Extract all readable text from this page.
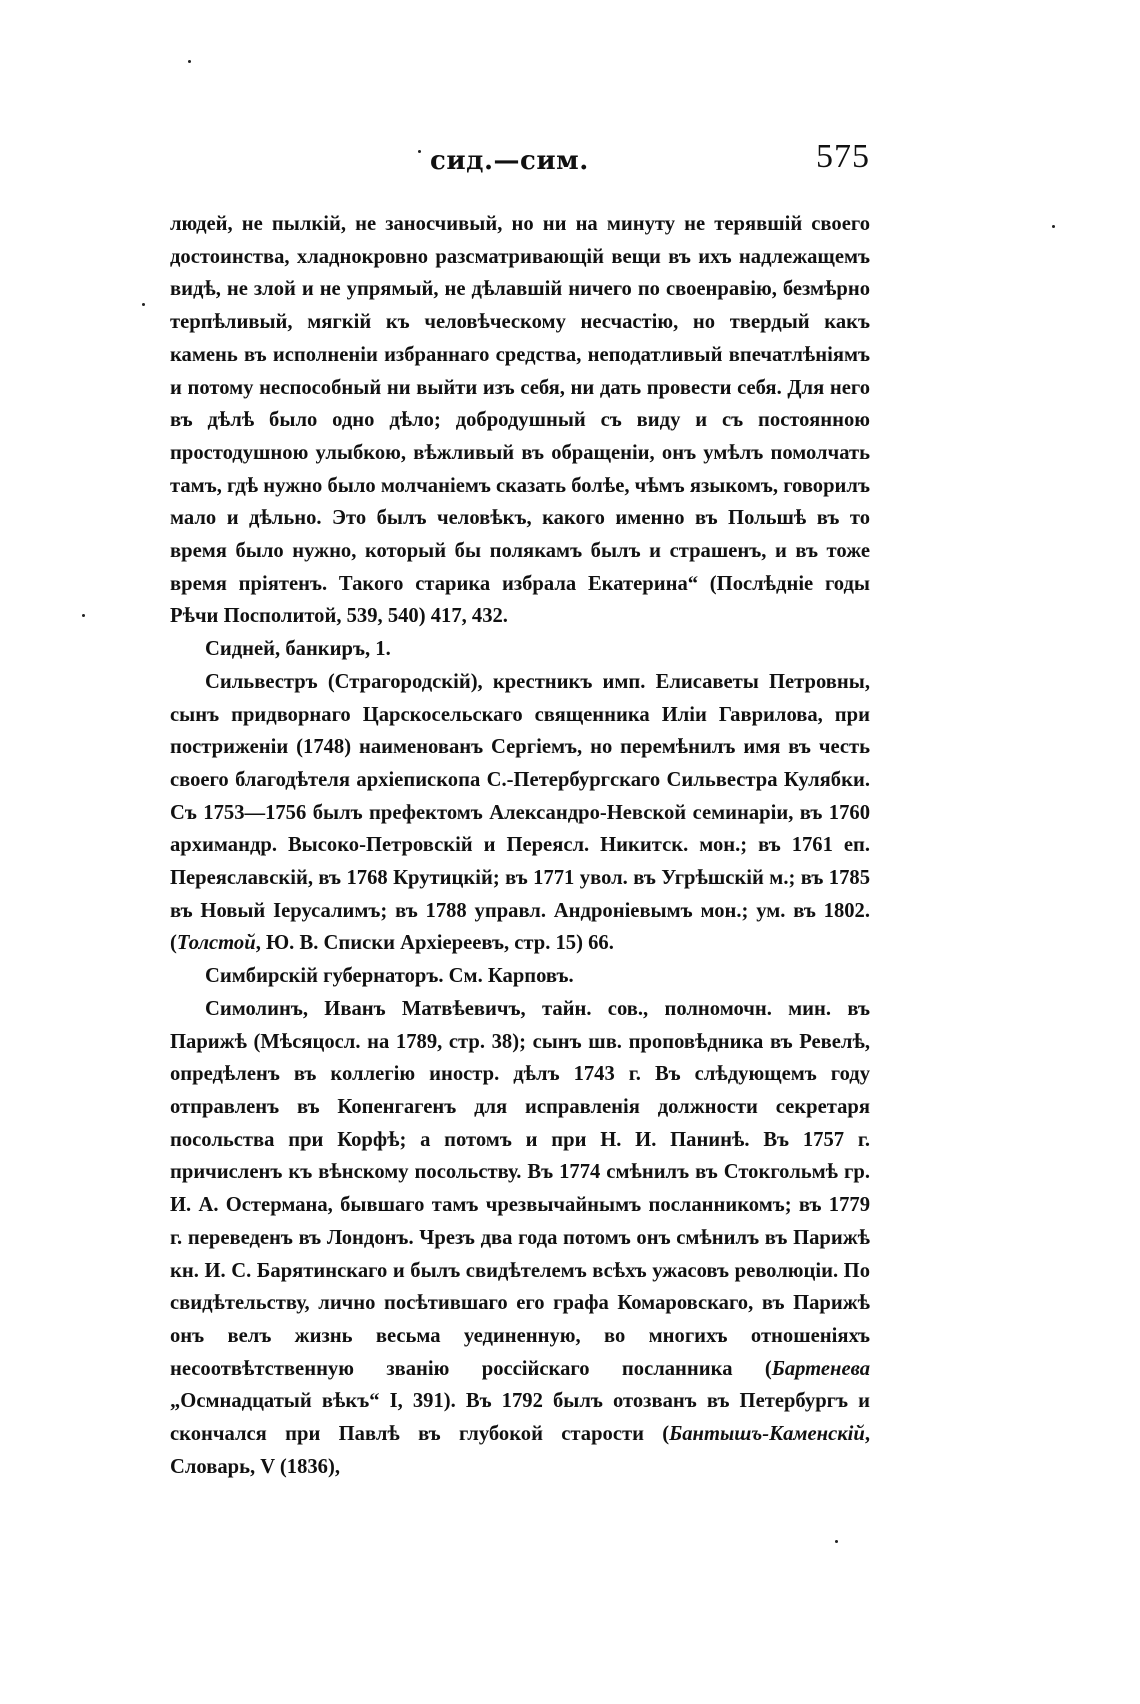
сид.—сим.	575

людей, не пылкій, не заносчивый, но ни на минуту не терявшій своего достоинства, хладнокровно разсматривающій вещи въ ихъ надлежащемъ видѣ, не злой и не упрямый, не дѣлавшій ничего по своенравію, безмѣрно терпѣливый, мягкій къ человѣческому несчастію, но твердый какъ камень въ исполненіи избраннаго средства, неподатливый впечатлѣніямъ и потому неспособный ни выйти изъ себя, ни дать провести себя. Для него въ дѣлѣ было одно дѣло; добродушный съ виду и съ постоянною простодушною улыбкою, вѣжливый въ обращеніи, онъ умѣлъ помолчать тамъ, гдѣ нужно было молчаніемъ сказать болѣе, чѣмъ языкомъ, говорилъ мало и дѣльно. Это былъ человѣкъ, какого именно въ Польшѣ въ то время было нужно, который бы полякамъ былъ и страшенъ, и въ тоже время пріятенъ. Такого старика избрала Екатерина“ (Послѣдніе годы Рѣчи Посполитой, 539, 540) 417, 432.

Сидней, банкиръ, 1.

Сильвестръ (Страгородскій), крестникъ имп. Елисаветы Петровны, сынъ придворнаго Царскосельскаго священника Иліи Гаврилова, при постриженіи (1748) наименованъ Сергіемъ, но перемѣнилъ имя въ честь своего благодѣтеля архіепископа С.-Петербургскаго Сильвестра Кулябки. Съ 1753—1756 былъ префектомъ Александро-Невской семинаріи, въ 1760 архимандр. Высоко-Петровскій и Переясл. Никитск. мон.; въ 1761 еп. Переяславскій, въ 1768 Крутицкій; въ 1771 увол. въ Угрѣшскій м.; въ 1785 въ Новый Іерусалимъ; въ 1788 управл. Андроніевымъ мон.; ум. въ 1802. (Толстой, Ю. В. Списки Архіереевъ, стр. 15) 66.

Симбирскій губернаторъ. См. Карповъ.

Симолинъ, Иванъ Матвѣевичъ, тайн. сов., полномочн. мин. въ Парижѣ (Мѣсяцосл. на 1789, стр. 38); сынъ шв. проповѣдника въ Ревелѣ, опредѣленъ въ коллегію иностр. дѣлъ 1743 г. Въ слѣдующемъ году отправленъ въ Копенгагенъ для исправленія должности секретаря посольства при Корфѣ; а потомъ и при Н. И. Панинѣ. Въ 1757 г. причисленъ къ вѣнскому посольству. Въ 1774 смѣнилъ въ Стокгольмѣ гр. И. А. Остермана, бывшаго тамъ чрезвычайнымъ посланникомъ; въ 1779 г. переведенъ въ Лондонъ. Чрезъ два года потомъ онъ смѣнилъ въ Парижѣ кн. И. С. Барятинскаго и былъ свидѣтелемъ всѣхъ ужасовъ революціи. По свидѣтельству, лично посѣтившаго его графа Комаровскаго, въ Парижѣ онъ велъ жизнь весьма уединенную, во многихъ отношеніяхъ несоотвѣтственную званію россійскаго посланника (Бартенева „Осмнадцатый вѣкъ“ I, 391). Въ 1792 былъ отозванъ въ Петербургъ и скончался при Павлѣ въ глубокой старости (Бантышъ-Каменскій, Словарь, V (1836),
